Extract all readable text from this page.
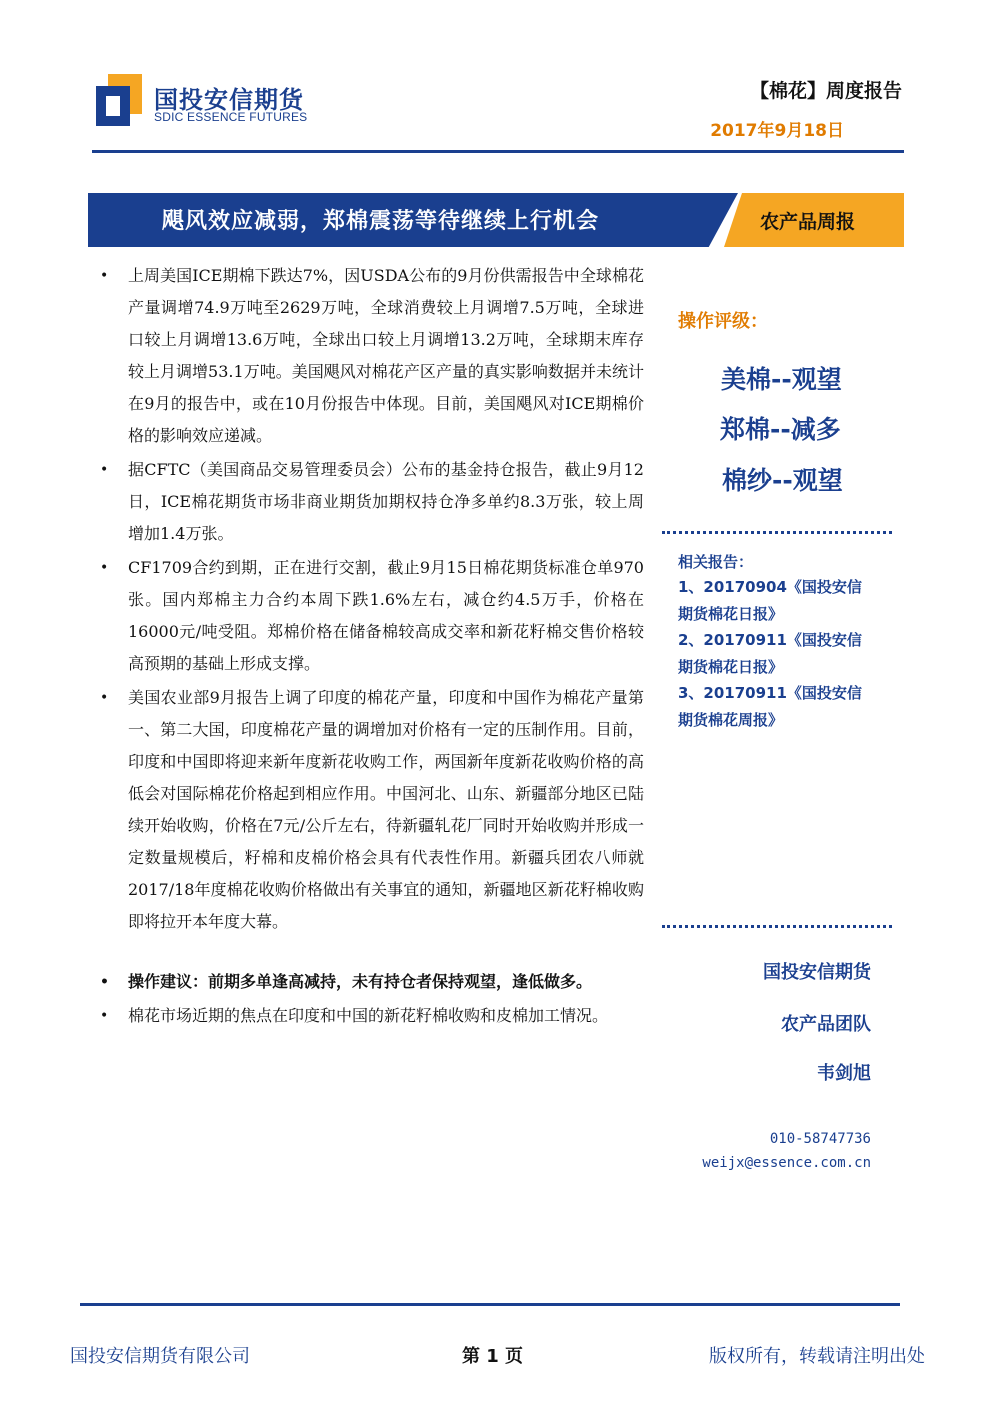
国投安信期货
SDIC ESSENCE FUTURES
【棉花】周度报告
2017年9月18日
飓风效应减弱，郑棉震荡等待继续上行机会	农产品周报
• 上周美国ICE期棉下跌达7%，因USDA公布的9月份供需报告中全球棉花产量调增74.9万吨至2629万吨，全球消费较上月调增7.5万吨，全球进口较上月调增13.6万吨，全球出口较上月调增13.2万吨，全球期末库存较上月调增53.1万吨。美国飓风对棉花产区产量的真实影响数据并未统计在9月的报告中，或在10月份报告中体现。目前，美国飓风对ICE期棉价格的影响效应递减。
• 据CFTC（美国商品交易管理委员会）公布的基金持仓报告，截止9月12日，ICE棉花期货市场非商业期货加期权持仓净多单约8.3万张，较上周增加1.4万张。
• CF1709合约到期，正在进行交割，截止9月15日棉花期货标准仓单970张。国内郑棉主力合约本周下跌1.6%左右，减仓约4.5万手，价格在16000元/吨受阻。郑棉价格在储备棉较高成交率和新花籽棉交售价格较高预期的基础上形成支撑。
• 美国农业部9月报告上调了印度的棉花产量，印度和中国作为棉花产量第一、第二大国，印度棉花产量的调增加对价格有一定的压制作用。目前，印度和中国即将迎来新年度新花收购工作，两国新年度新花收购价格的高低会对国际棉花价格起到相应作用。中国河北、山东、新疆部分地区已陆续开始收购，价格在7元/公斤左右，待新疆轧花厂同时开始收购并形成一定数量规模后，籽棉和皮棉价格会具有代表性作用。新疆兵团农八师就2017/18年度棉花收购价格做出有关事宜的通知，新疆地区新花籽棉收购即将拉开本年度大幕。
• 操作建议：前期多单逢高减持，未有持仓者保持观望，逢低做多。
• 棉花市场近期的焦点在印度和中国的新花籽棉收购和皮棉加工情况。
操作评级：
美棉--观望
郑棉--减多
棉纱--观望
相关报告：
1、20170904《国投安信
期货棉花日报》
2、20170911《国投安信
期货棉花日报》
3、20170911《国投安信
期货棉花周报》
国投安信期货
农产品团队
韦剑旭
010-58747736
weijx@essence.com.cn
国投安信期货有限公司	第 1 页	版权所有，转载请注明出处
